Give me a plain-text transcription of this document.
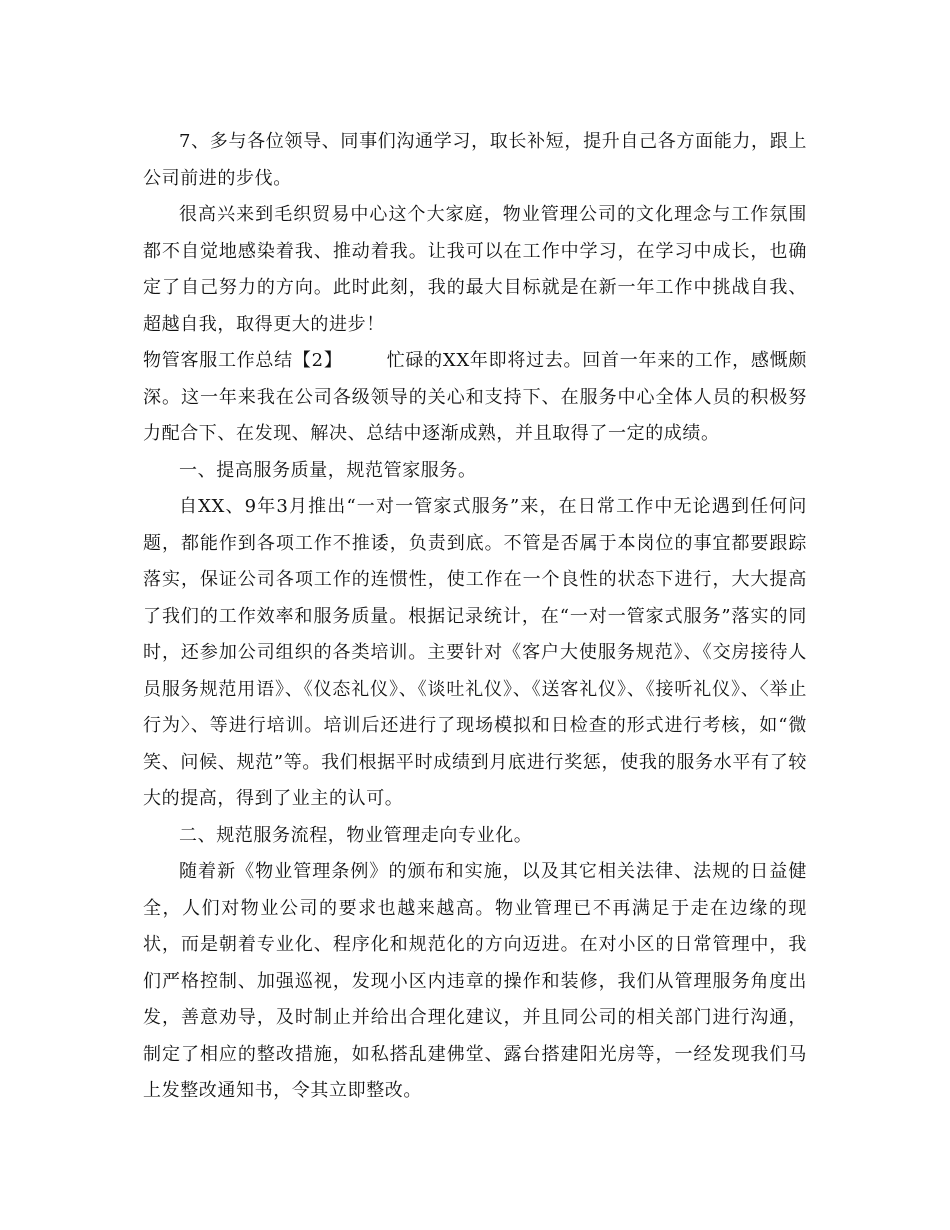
7、多与各位领导、同事们沟通学习，取长补短，提升自己各方面能力，跟上公司前进的步伐。

很高兴来到毛织贸易中心这个大家庭，物业管理公司的文化理念与工作氛围都不自觉地感染着我、推动着我。让我可以在工作中学习，在学习中成长，也确定了自己努力的方向。此时此刻，我的最大目标就是在新一年工作中挑战自我、超越自我，取得更大的进步！

物管客服工作总结【2】 忙碌的XX年即将过去。回首一年来的工作，感慨颇深。这一年来我在公司各级领导的关心和支持下、在服务中心全体人员的积极努力配合下、在发现、解决、总结中逐渐成熟，并且取得了一定的成绩。

一、提高服务质量，规范管家服务。

自XX、9年3月推出“一对一管家式服务”来，在日常工作中无论遇到任何问题，都能作到各项工作不推诿，负责到底。不管是否属于本岗位的事宜都要跟踪落实，保证公司各项工作的连惯性，使工作在一个良性的状态下进行，大大提高了我们的工作效率和服务质量。根据记录统计，在“一对一管家式服务”落实的同时，还参加公司组织的各类培训。主要针对《客户大使服务规范》、《交房接待人员服务规范用语》、《仪态礼仪》、《谈吐礼仪》、《送客礼仪》、《接听礼仪》、〈举止行为〉、等进行培训。培训后还进行了现场模拟和日检查的形式进行考核，如“微笑、问候、规范”等。我们根据平时成绩到月底进行奖惩，使我的服务水平有了较大的提高，得到了业主的认可。

二、规范服务流程，物业管理走向专业化。

随着新《物业管理条例》的颁布和实施，以及其它相关法律、法规的日益健全，人们对物业公司的要求也越来越高。物业管理已不再满足于走在边缘的现状，而是朝着专业化、程序化和规范化的方向迈进。在对小区的日常管理中，我们严格控制、加强巡视，发现小区内违章的操作和装修，我们从管理服务角度出发，善意劝导，及时制止并给出合理化建议，并且同公司的相关部门进行沟通，制定了相应的整改措施，如私搭乱建佛堂、露台搭建阳光房等，一经发现我们马上发整改通知书，令其立即整改。
